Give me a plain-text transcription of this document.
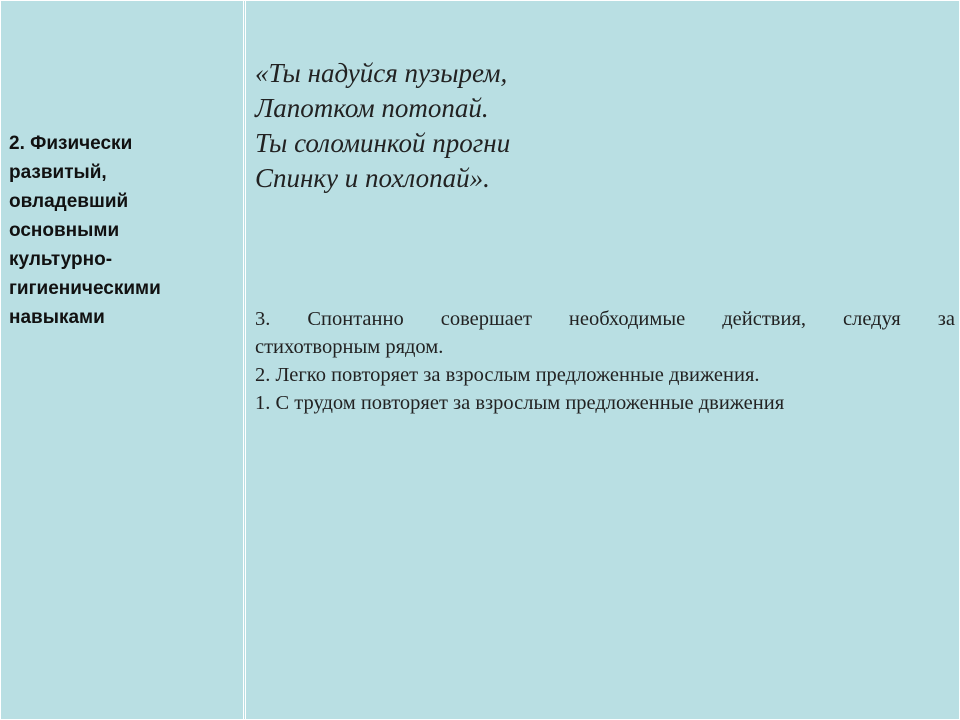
2. Физически
развитый,
овладевший
основными
культурно-
гигиеническими
навыками
«Ты надуйся пузырем,
Лапотком потопай.
Ты соломинкой прогни
Спинку и похлопай».
3. Спонтанно совершает необходимые действия, следуя за
стихотворным рядом.
2. Легко повторяет за взрослым предложенные движения.
1. С трудом повторяет за взрослым предложенные движения
